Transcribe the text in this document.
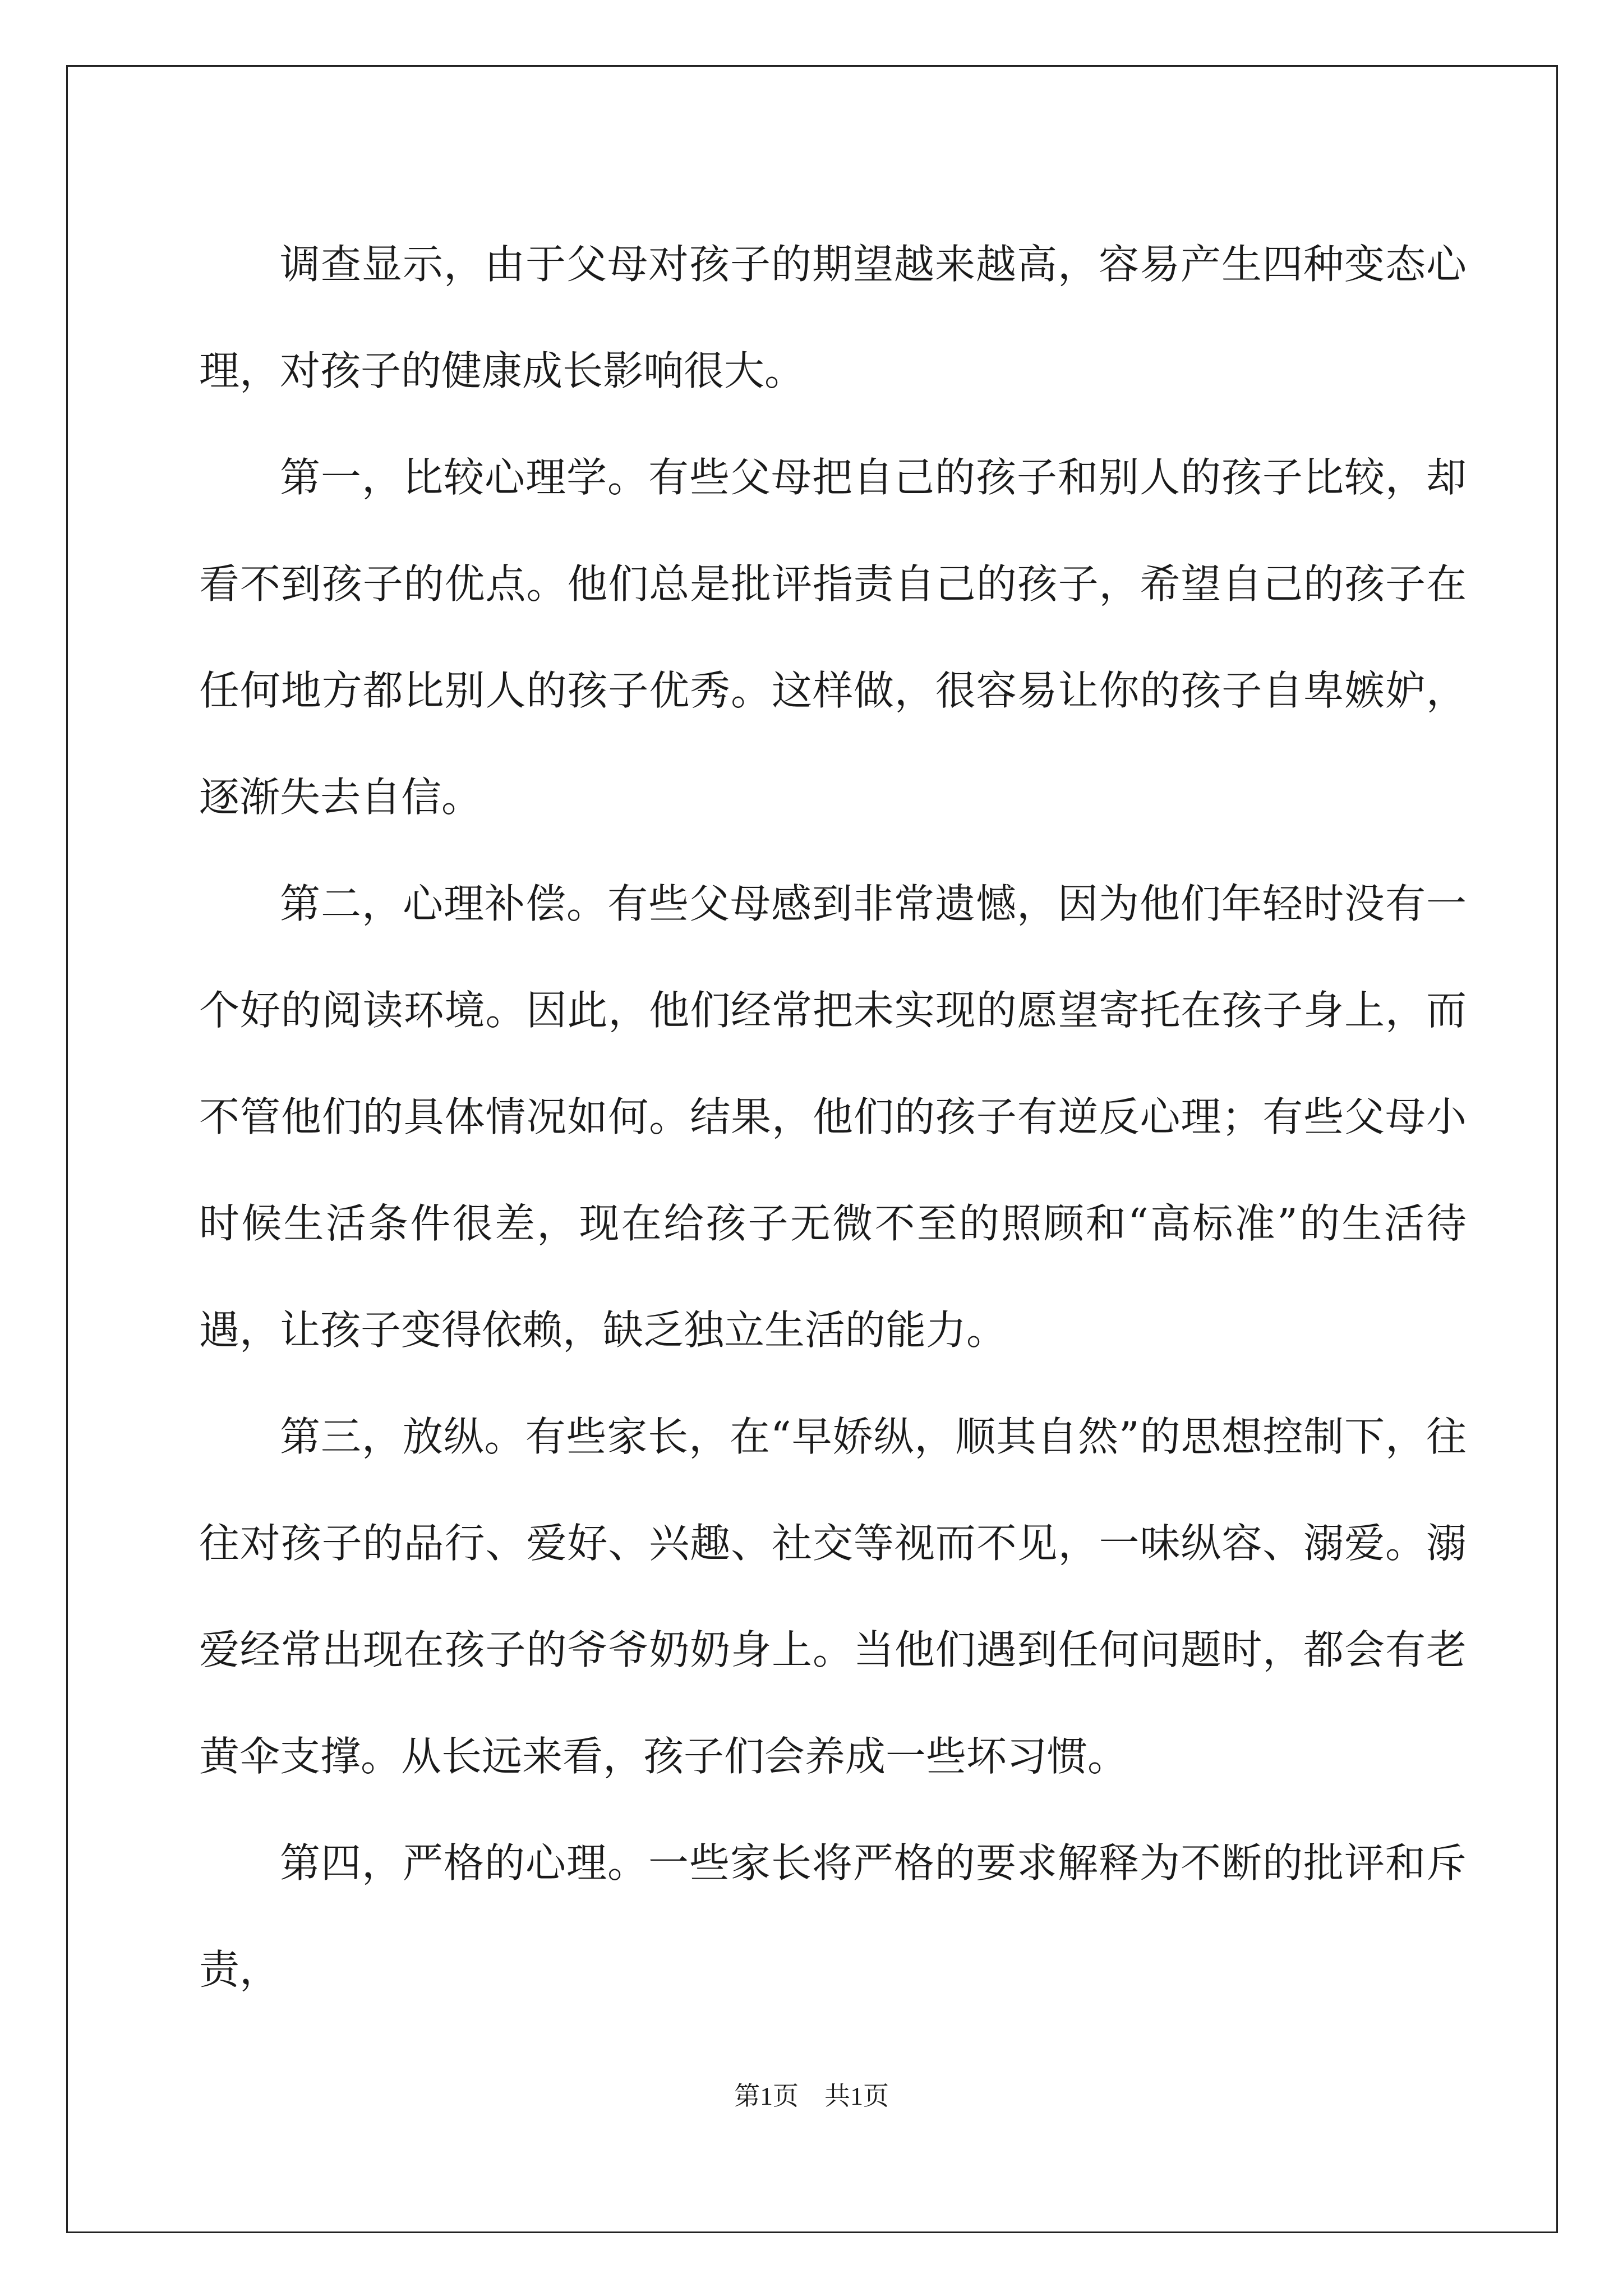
调查显示，由于父母对孩子的期望越来越高，容易产生四种变态心理，对孩子的健康成长影响很大。

第一，比较心理学。有些父母把自己的孩子和别人的孩子比较，却看不到孩子的优点。他们总是批评指责自己的孩子，希望自己的孩子在任何地方都比别人的孩子优秀。这样做，很容易让你的孩子自卑嫉妒，逐渐失去自信。

第二，心理补偿。有些父母感到非常遗憾，因为他们年轻时没有一个好的阅读环境。因此，他们经常把未实现的愿望寄托在孩子身上，而不管他们的具体情况如何。结果，他们的孩子有逆反心理；有些父母小时候生活条件很差，现在给孩子无微不至的照顾和“高标准”的生活待遇，让孩子变得依赖，缺乏独立生活的能力。

第三，放纵。有些家长，在“早娇纵，顺其自然”的思想控制下，往往对孩子的品行、爱好、兴趣、社交等视而不见，一味纵容、溺爱。溺爱经常出现在孩子的爷爷奶奶身上。当他们遇到任何问题时，都会有老黄伞支撑。从长远来看，孩子们会养成一些坏习惯。

第四，严格的心理。一些家长将严格的要求解释为不断的批评和斥责，

第1页 共1页
